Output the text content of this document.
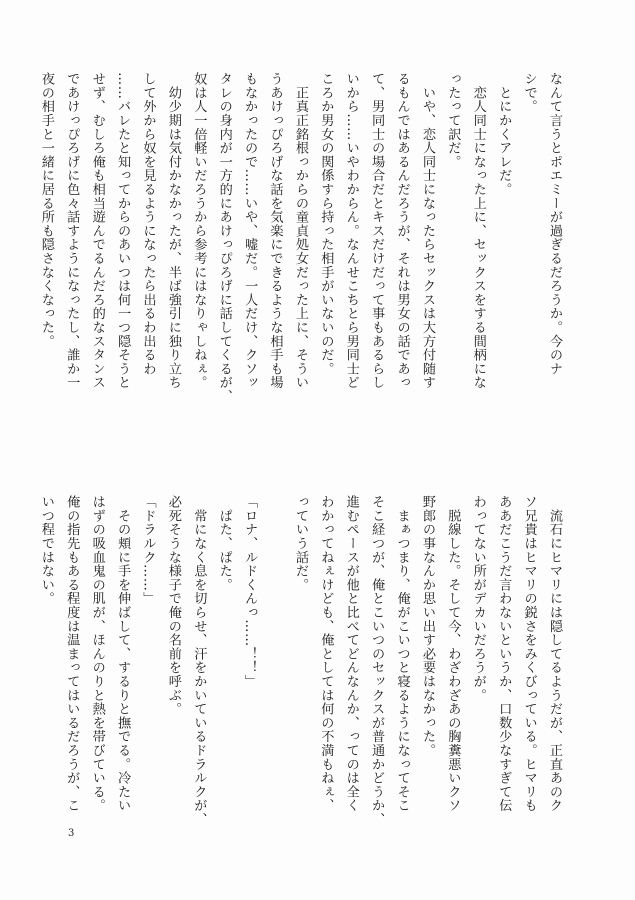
なんて言うとポエミーが過ぎるだろうか。今のナ
シで。
　とにかくアレだ。
　恋人同士になった上に、セックスをする間柄にな
ったって訳だ。
　いや、恋人同士になったらセックスは大方付随す
るもんではあるんだろうが、それは男女の話であっ
て、男同士の場合だとキスだけだって事もあるらし
いから……いやわからん。なんせこちとら男同士ど
ころか男女の関係すら持った相手がいないのだ。
　正真正銘根っからの童貞処女だった上に、そうい
うあけっぴろげな話を気楽にできるような相手も場
もなかったので……いや、嘘だ。一人だけ、クソッ
タレの身内が一方的にあけっぴろげに話してくるが、
奴は人一倍軽いだろうから参考にはなりゃしねぇ。
　幼少期は気付かなかったが、半ば強引に独り立ち
して外から奴を見るようになったら出るわ出るわ
……バレたと知ってからのあいつは何一つ隠そうと
せず、むしろ俺も相当遊んでるんだろ的なスタンス
であけっぴろげに色々話すようになったし、誰か一
夜の相手と一緒に居る所も隠さなくなった。
　流石にヒマリには隠してるようだが、正直あのク
ソ兄貴はヒマリの鋭さをみくびっている。ヒマリも
ああだこうだ言わないというか、口数少なすぎて伝
わってない所がデカいだろうが。
　脱線した。そして今、わざわざあの胸糞悪いクソ
野郎の事なんか思い出す必要はなかった。
　まぁつまり、俺がこいつと寝るようになってそこ
そこ経つが、俺とこいつのセックスが普通かどうか、
進むペースが他と比べてどんなんか、ってのは全く
わかってねぇけども、俺としては何の不満もねぇ、
っていう話だ。

「ロナ、ルドくんっ……！！」
　ぱた、ぱた。
　常になく息を切らせ、汗をかいているドラルクが、
必死そうな様子で俺の名前を呼ぶ。
「ドラルク……」
　その頬に手を伸ばして、するりと撫でる。冷たい
はずの吸血鬼の肌が、ほんのりと熱を帯びている。
俺の指先もある程度は温まってはいるだろうが、こ
いつ程ではない。
3
